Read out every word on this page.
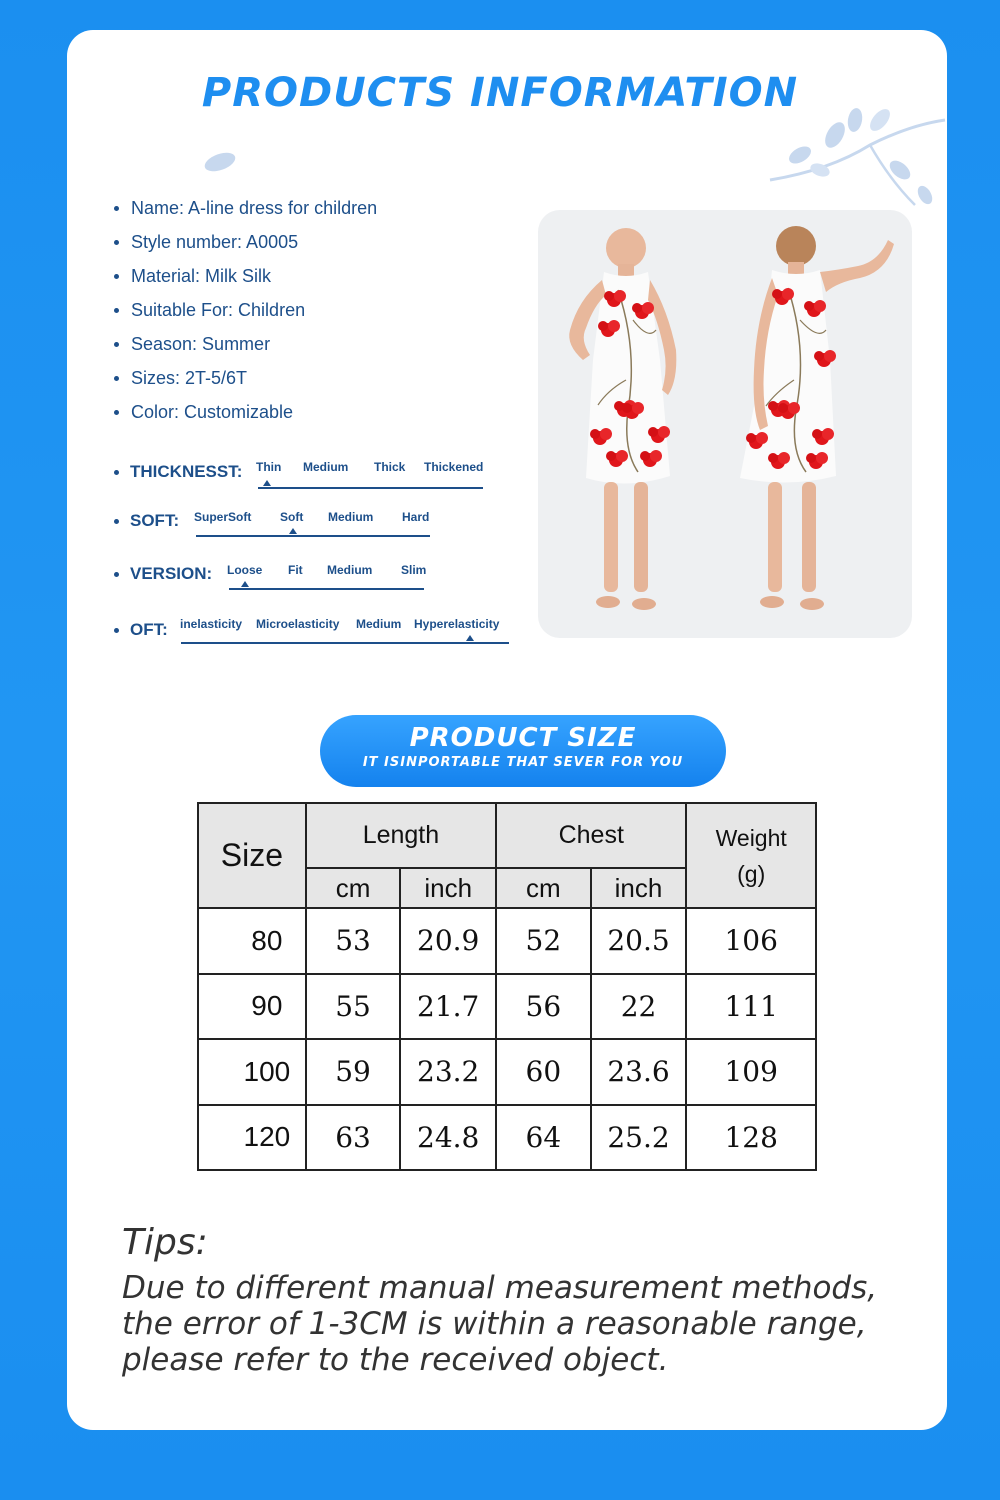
PRODUCTS INFORMATION
Name: A-line dress for children
Style number: A0005
Material: Milk Silk
Suitable For: Children
Season: Summer
Sizes: 2T-5/6T
Color: Customizable
THICKNESST: Thin Medium Thick Thickened
SOFT: SuperSoft Soft Medium Hard
VERSION: Loose Fit Medium Slim
OFT: inelasticity Microelasticity Medium Hyperelasticity
PRODUCT SIZE
IT ISINPORTABLE THAT SEVER FOR YOU
Size	Length		Chest		Weight
(g)
	cm	inch	cm	inch	
80	53	20.9	52	20.5	106
90	55	21.7	56	22	111
100	59	23.2	60	23.6	109
120	63	24.8	64	25.2	128
Tips:
Due to different manual measurement methods,
the error of 1-3CM is within a reasonable range,
please refer to the received object.
